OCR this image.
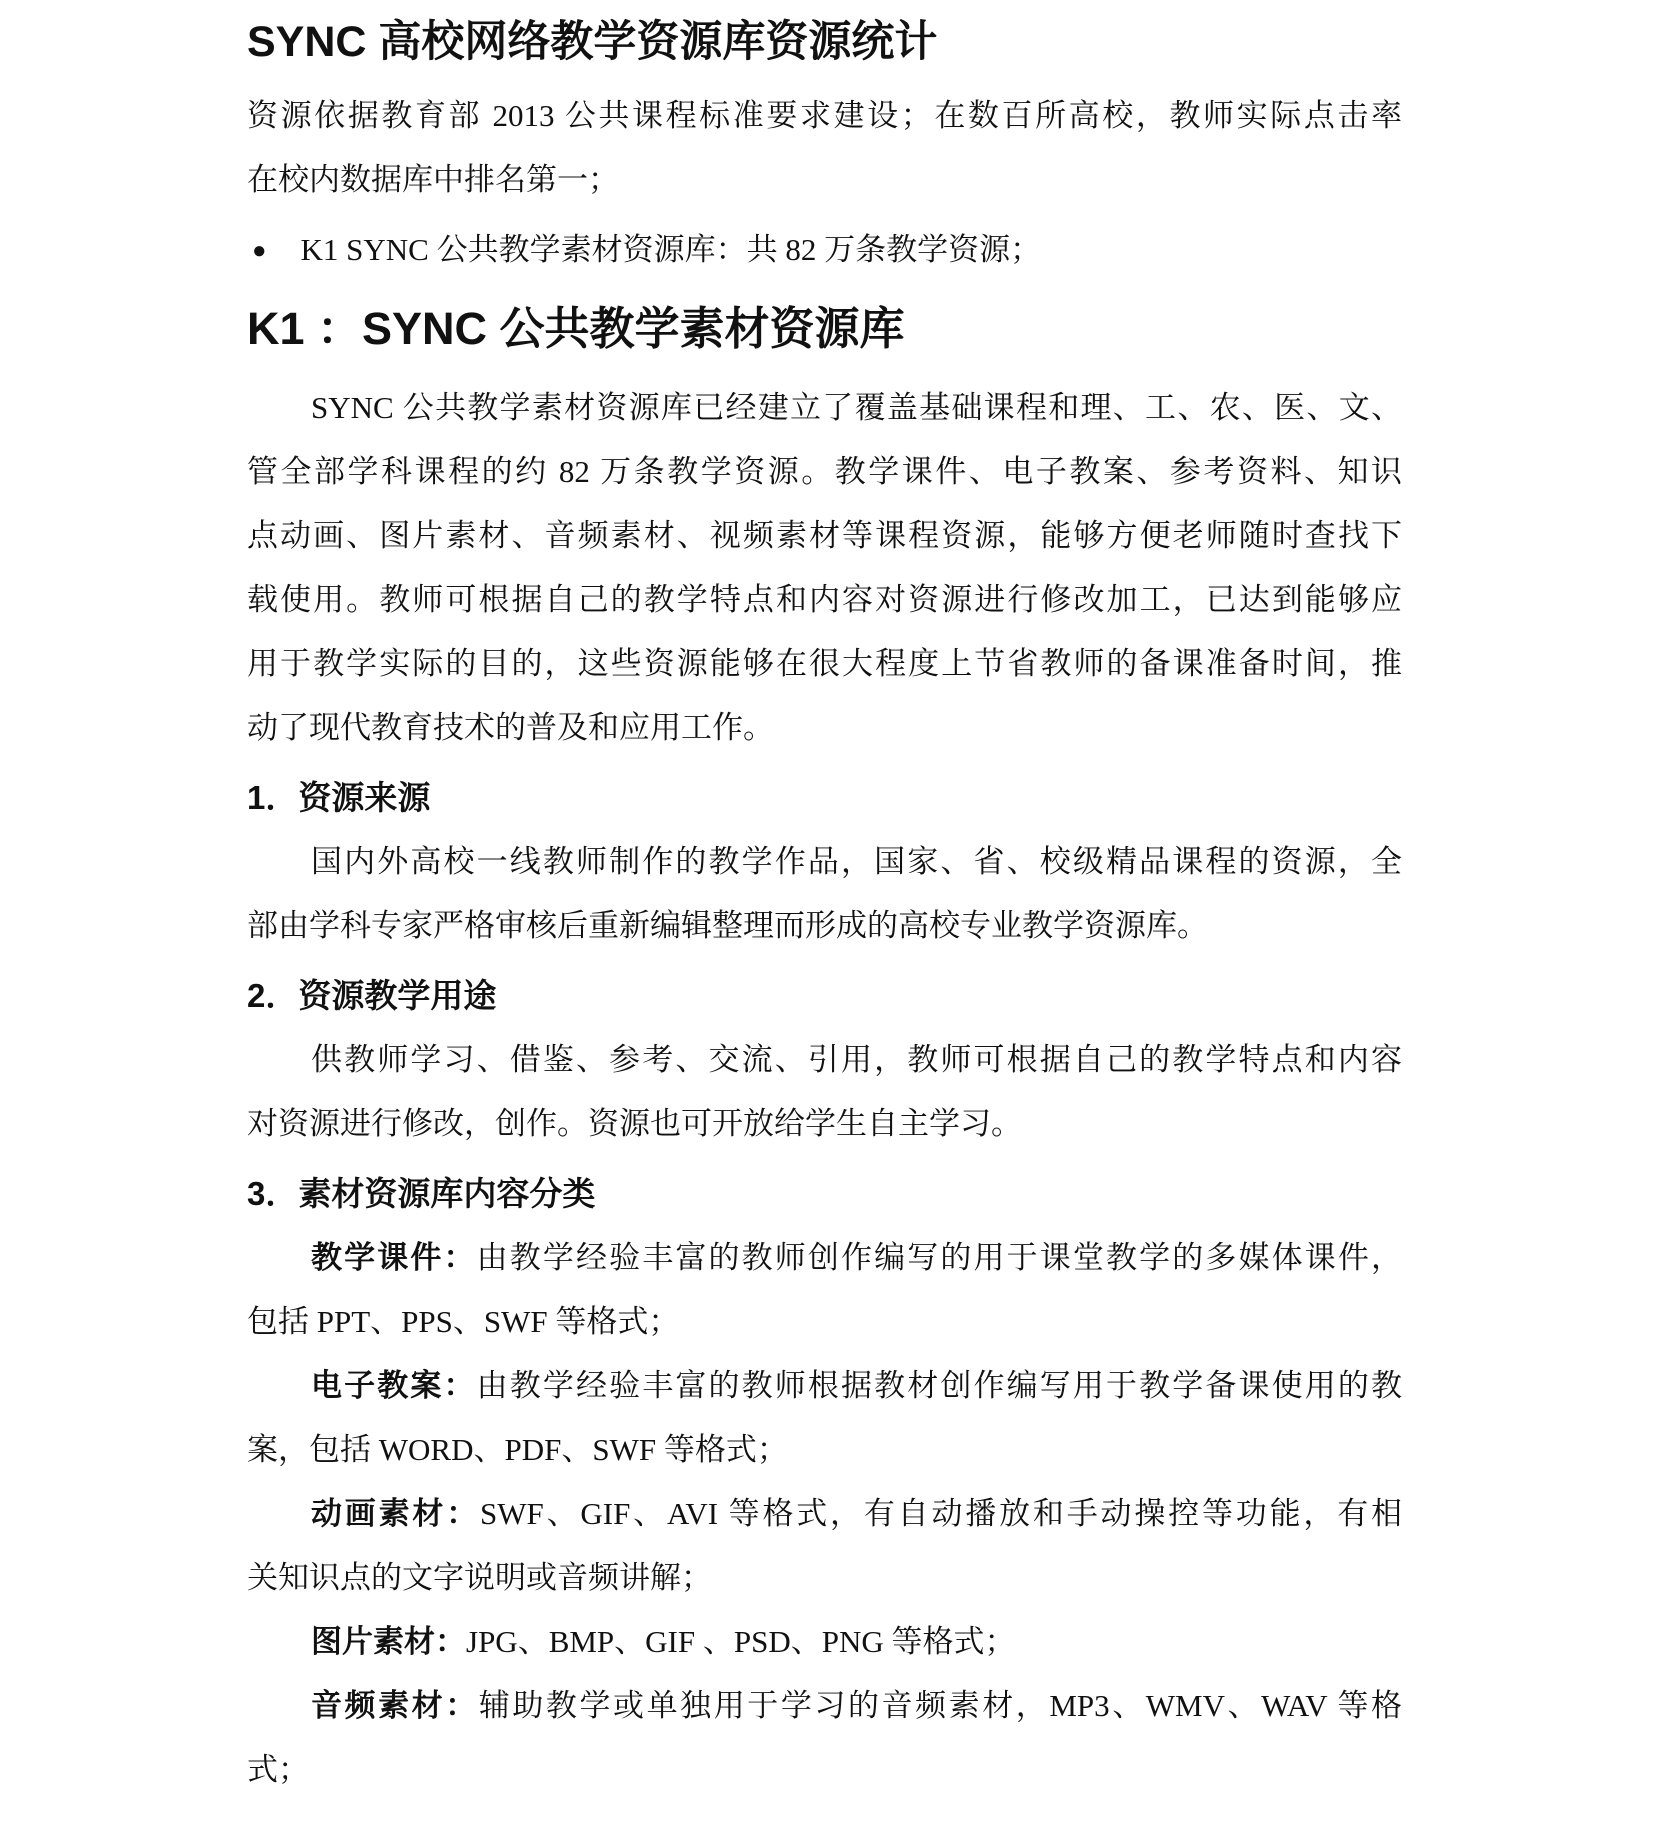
SYNC 高校网络教学资源库资源统计
资源依据教育部 2013 公共课程标准要求建设；在数百所高校，教师实际点击率
在校内数据库中排名第一；
● K1 SYNC 公共教学素材资源库：共 82 万条教学资源；
K1 ：SYNC 公共教学素材资源库
SYNC 公共教学素材资源库已经建立了覆盖基础课程和理、工、农、医、文、
管全部学科课程的约 82 万条教学资源。教学课件、电子教案、参考资料、知识
点动画、图片素材、音频素材、视频素材等课程资源，能够方便老师随时查找下
载使用。教师可根据自己的教学特点和内容对资源进行修改加工，已达到能够应
用于教学实际的目的，这些资源能够在很大程度上节省教师的备课准备时间，推
动了现代教育技术的普及和应用工作。
1．资源来源
国内外高校一线教师制作的教学作品，国家、省、校级精品课程的资源，全
部由学科专家严格审核后重新编辑整理而形成的高校专业教学资源库。
2．资源教学用途
供教师学习、借鉴、参考、交流、引用，教师可根据自己的教学特点和内容
对资源进行修改，创作。资源也可开放给学生自主学习。
3．素材资源库内容分类
教学课件：由教学经验丰富的教师创作编写的用于课堂教学的多媒体课件，
包括 PPT、PPS、SWF 等格式；
电子教案：由教学经验丰富的教师根据教材创作编写用于教学备课使用的教
案，包括 WORD、PDF、SWF 等格式；
动画素材：SWF、GIF、AVI 等格式，有自动播放和手动操控等功能，有相
关知识点的文字说明或音频讲解；
图片素材：JPG、BMP、GIF 、PSD、PNG 等格式；
音频素材：辅助教学或单独用于学习的音频素材，MP3、WMV、WAV 等格
式；
